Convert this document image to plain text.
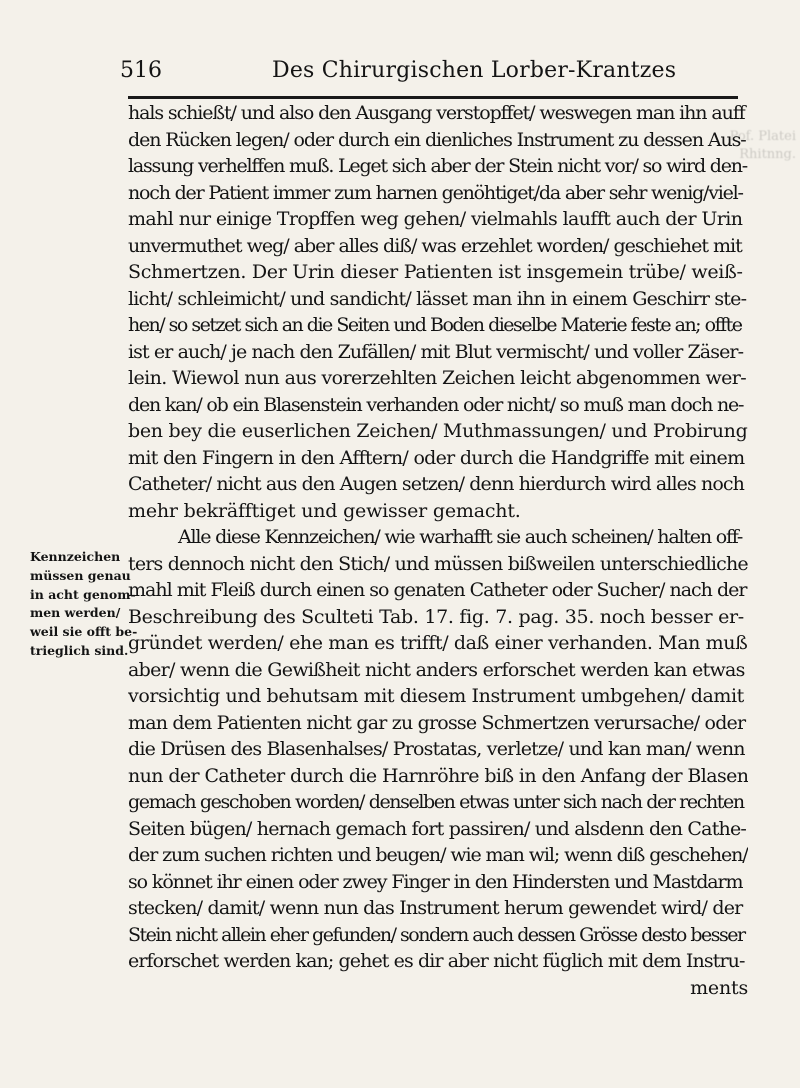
Pof. Platei Rhitnng.
516	Des Chirurgischen Lorber-Krantzes
Kennzeichen
müssen genau
in acht genom-
men werden/
weil sie offt be-
trieglich sind.
hals schießt/ und also den Ausgang verstopffet/ weswegen man ihn auff
den Rücken legen/ oder durch ein dienliches Instrument zu dessen Aus-
lassung verhelffen muß. Leget sich aber der Stein nicht vor/ so wird den-
noch der Patient immer zum harnen genöhtiget/da aber sehr wenig/viel-
mahl nur einige Tropffen weg gehen/ vielmahls laufft auch der Urin
unvermuthet weg/ aber alles diß/ was erzehlet worden/ geschiehet mit
Schmertzen. Der Urin dieser Patienten ist insgemein trübe/ weiß-
licht/ schleimicht/ und sandicht/ lässet man ihn in einem Geschirr ste-
hen/ so setzet sich an die Seiten und Boden dieselbe Materie feste an; offte
ist er auch/ je nach den Zufällen/ mit Blut vermischt/ und voller Zäser-
lein. Wiewol nun aus vorerzehlten Zeichen leicht abgenommen wer-
den kan/ ob ein Blasenstein verhanden oder nicht/ so muß man doch ne-
ben bey die euserlichen Zeichen/ Muthmassungen/ und Probirung
mit den Fingern in den Afftern/ oder durch die Handgriffe mit einem
Catheter/ nicht aus den Augen setzen/ denn hierdurch wird alles noch
mehr bekräfftiget und gewisser gemacht.
Alle diese Kennzeichen/ wie warhafft sie auch scheinen/ halten off-
ters dennoch nicht den Stich/ und müssen bißweilen unterschiedliche
mahl mit Fleiß durch einen so genaten Catheter oder Sucher/ nach der
Beschreibung des Sculteti Tab. 17. fig. 7. pag. 35. noch besser er-
gründet werden/ ehe man es trifft/ daß einer verhanden. Man muß
aber/ wenn die Gewißheit nicht anders erforschet werden kan etwas
vorsichtig und behutsam mit diesem Instrument umbgehen/ damit
man dem Patienten nicht gar zu grosse Schmertzen verursache/ oder
die Drüsen des Blasenhalses/ Prostatas, verletze/ und kan man/ wenn
nun der Catheter durch die Harnröhre biß in den Anfang der Blasen
gemach geschoben worden/ denselben etwas unter sich nach der rechten
Seiten bügen/ hernach gemach fort passiren/ und alsdenn den Cathe-
der zum suchen richten und beugen/ wie man wil; wenn diß geschehen/
so könnet ihr einen oder zwey Finger in den Hindersten und Mastdarm
stecken/ damit/ wenn nun das Instrument herum gewendet wird/ der
Stein nicht allein eher gefunden/ sondern auch dessen Grösse desto besser
erforschet werden kan; gehet es dir aber nicht füglich mit dem Instru-
ments
